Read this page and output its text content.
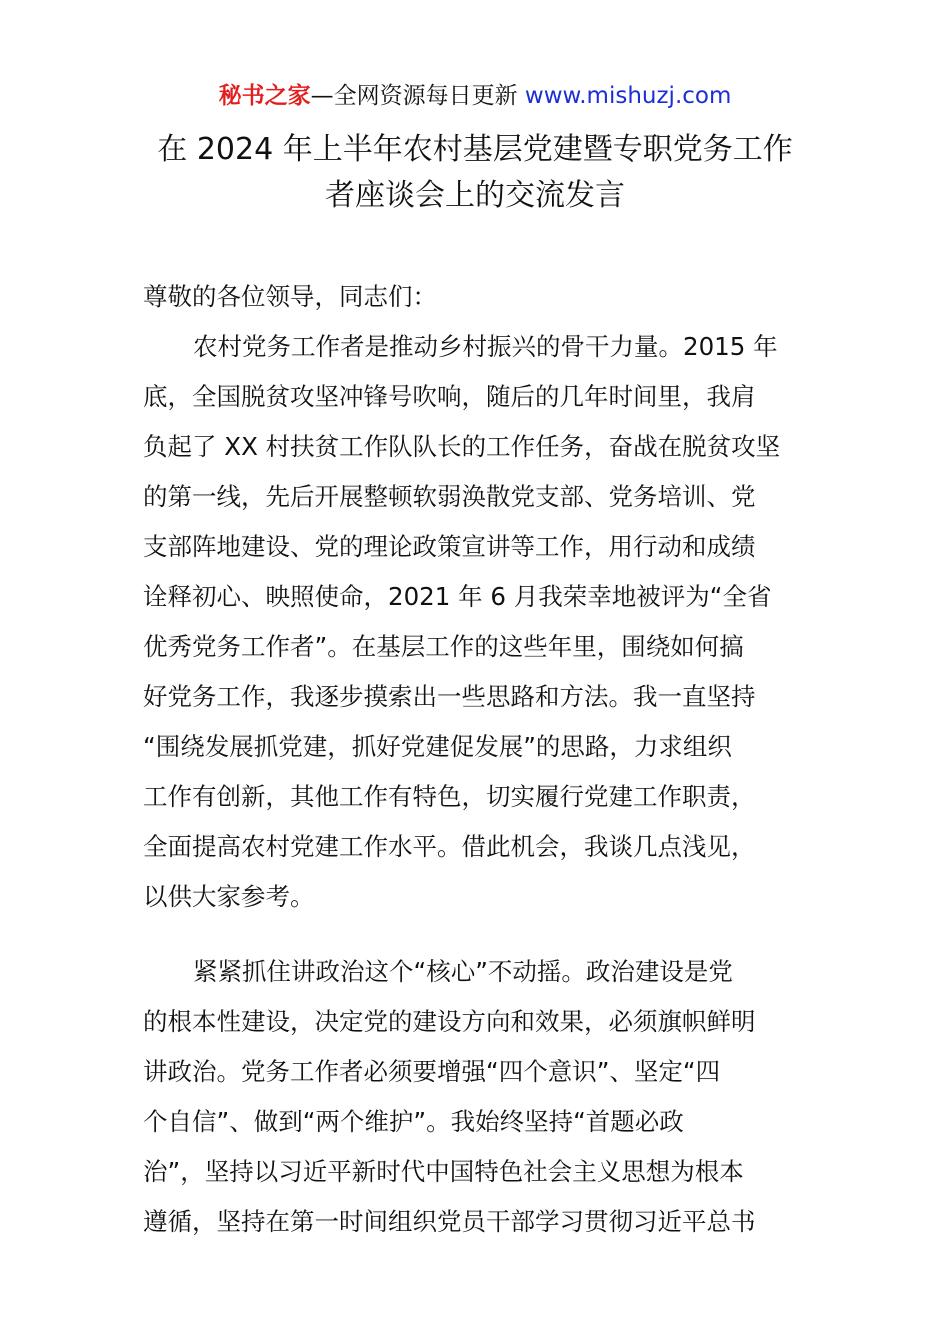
秘书之家—全网资源每日更新 www.mishuzj.com
在 2024 年上半年农村基层党建暨专职党务工作
者座谈会上的交流发言
尊敬的各位领导，同志们：
农村党务工作者是推动乡村振兴的骨干力量。2015 年
底，全国脱贫攻坚冲锋号吹响，随后的几年时间里，我肩
负起了 XX 村扶贫工作队队长的工作任务，奋战在脱贫攻坚
的第一线，先后开展整顿软弱涣散党支部、党务培训、党
支部阵地建设、党的理论政策宣讲等工作，用行动和成绩
诠释初心、映照使命，2021 年 6 月我荣幸地被评为“全省
优秀党务工作者”。在基层工作的这些年里，围绕如何搞
好党务工作，我逐步摸索出一些思路和方法。我一直坚持
“围绕发展抓党建，抓好党建促发展”的思路，力求组织
工作有创新，其他工作有特色，切实履行党建工作职责，
全面提高农村党建工作水平。借此机会，我谈几点浅见，
以供大家参考。
紧紧抓住讲政治这个“核心”不动摇。政治建设是党
的根本性建设，决定党的建设方向和效果，必须旗帜鲜明
讲政治。党务工作者必须要增强“四个意识”、坚定“四
个自信”、做到“两个维护”。我始终坚持“首题必政
治”，坚持以习近平新时代中国特色社会主义思想为根本
遵循，坚持在第一时间组织党员干部学习贯彻习近平总书
